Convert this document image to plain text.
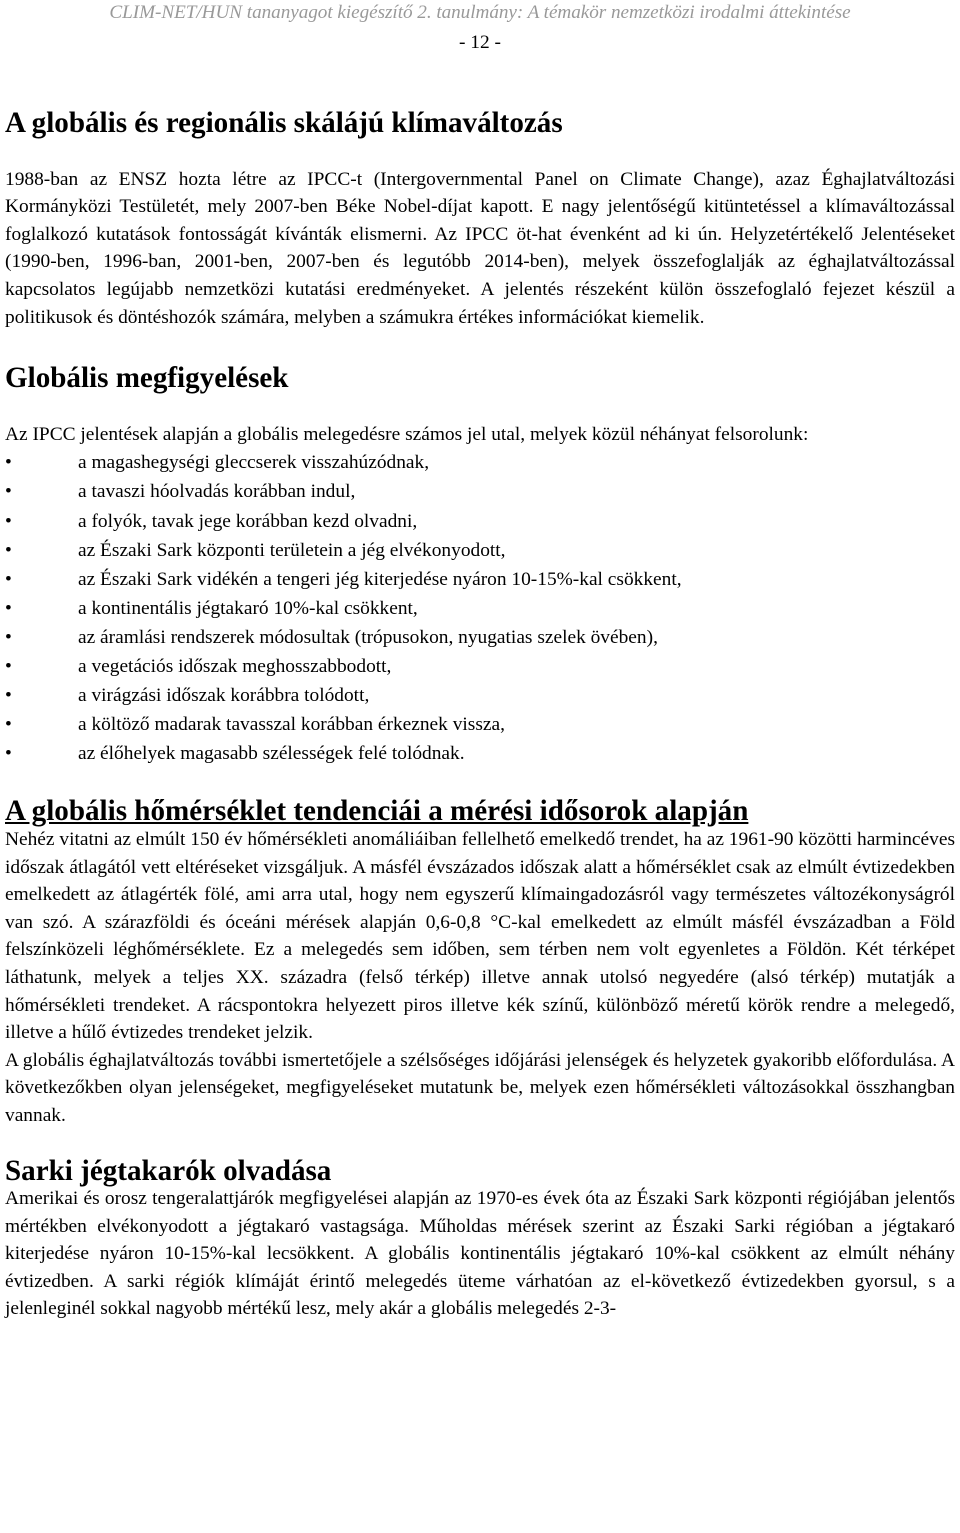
CLIM-NET/HUN tananyagot kiegészítő 2. tanulmány: A témakör nemzetközi irodalmi áttekintése
- 12 -
A globális és regionális skálájú klímaváltozás

1988-ban az ENSZ hozta létre az IPCC-t (Intergovernmental Panel on Climate Change), azaz Éghajlatváltozási Kormányközi Testületét, mely 2007-ben Béke Nobel-díjat kapott. E nagy jelentőségű kitüntetéssel a klímaváltozással foglalkozó kutatások fontosságát kívánták elismerni. Az IPCC öt-hat évenként ad ki ún. Helyzetértékelő Jelentéseket (1990-ben, 1996-ban, 2001-ben, 2007-ben és legutóbb 2014-ben), melyek összefoglalják az éghajlatváltozással kapcsolatos legújabb nemzetközi kutatási eredményeket. A jelentés részeként külön összefoglaló fejezet készül a politikusok és döntéshozók számára, melyben a számukra értékes információkat kiemelik.

Globális megfigyelések

Az IPCC jelentések alapján a globális melegedésre számos jel utal, melyek közül néhányat felsorolunk:

•	a magashegységi gleccserek visszahúzódnak,
•	a tavaszi hóolvadás korábban indul,
•	a folyók, tavak jege korábban kezd olvadni,
•	az Északi Sark központi területein a jég elvékonyodott,
•	az Északi Sark vidékén a tengeri jég kiterjedése nyáron 10-15%-kal csökkent,
•	a kontinentális jégtakaró 10%-kal csökkent,
•	az áramlási rendszerek módosultak (trópusokon, nyugatias szelek övében),
•	a vegetációs időszak meghosszabbodott,
•	a virágzási időszak korábbra tolódott,
•	a költöző madarak tavasszal korábban érkeznek vissza,
•	az élőhelyek magasabb szélességek felé tolódnak.
A globális hőmérséklet tendenciái a mérési idősorok alapján

Nehéz vitatni az elmúlt 150 év hőmérsékleti anomáliáiban fellelhető emelkedő trendet, ha az 1961-90 közötti harmincéves időszak átlagától vett eltéréseket vizsgáljuk. A másfél évszázados időszak alatt a hőmérséklet csak az elmúlt évtizedekben emelkedett az átlagérték fölé, ami arra utal, hogy nem egyszerű klímaingadozásról vagy természetes változékonyságról van szó. A szárazföldi és óceáni mérések alapján 0,6-0,8 °C-kal emelkedett az elmúlt másfél évszázadban a Föld felszínközeli léghőmérséklete. Ez a melegedés sem időben, sem térben nem volt egyenletes a Földön. Két térképet láthatunk, melyek a teljes XX. századra (felső térkép) illetve annak utolsó negyedére (alsó térkép) mutatják a hőmérsékleti trendeket. A rácspontokra helyezett piros illetve kék színű, különböző méretű körök rendre a melegedő, illetve a hűlő évtizedes trendeket jelzik.

A globális éghajlatváltozás további ismertetőjele a szélsőséges időjárási jelenségek és helyzetek gyakoribb előfordulása. A következőkben olyan jelenségeket, megfigyeléseket mutatunk be, melyek ezen hőmérsékleti változásokkal összhangban vannak.

Sarki jégtakarók olvadása

Amerikai és orosz tengeralattjárók megfigyelései alapján az 1970-es évek óta az Északi Sark központi régiójában jelentős mértékben elvékonyodott a jégtakaró vastagsága. Műholdas mérések szerint az Északi Sarki régióban a jégtakaró kiterjedése nyáron 10-15%-kal lecsökkent. A globális kontinentális jégtakaró 10%-kal csökkent az elmúlt néhány évtizedben. A sarki régiók klímáját érintő melegedés üteme várhatóan az el-következő évtizedekben gyorsul, s a jelenleginél sokkal nagyobb mértékű lesz, mely akár a globális melegedés 2-3-
